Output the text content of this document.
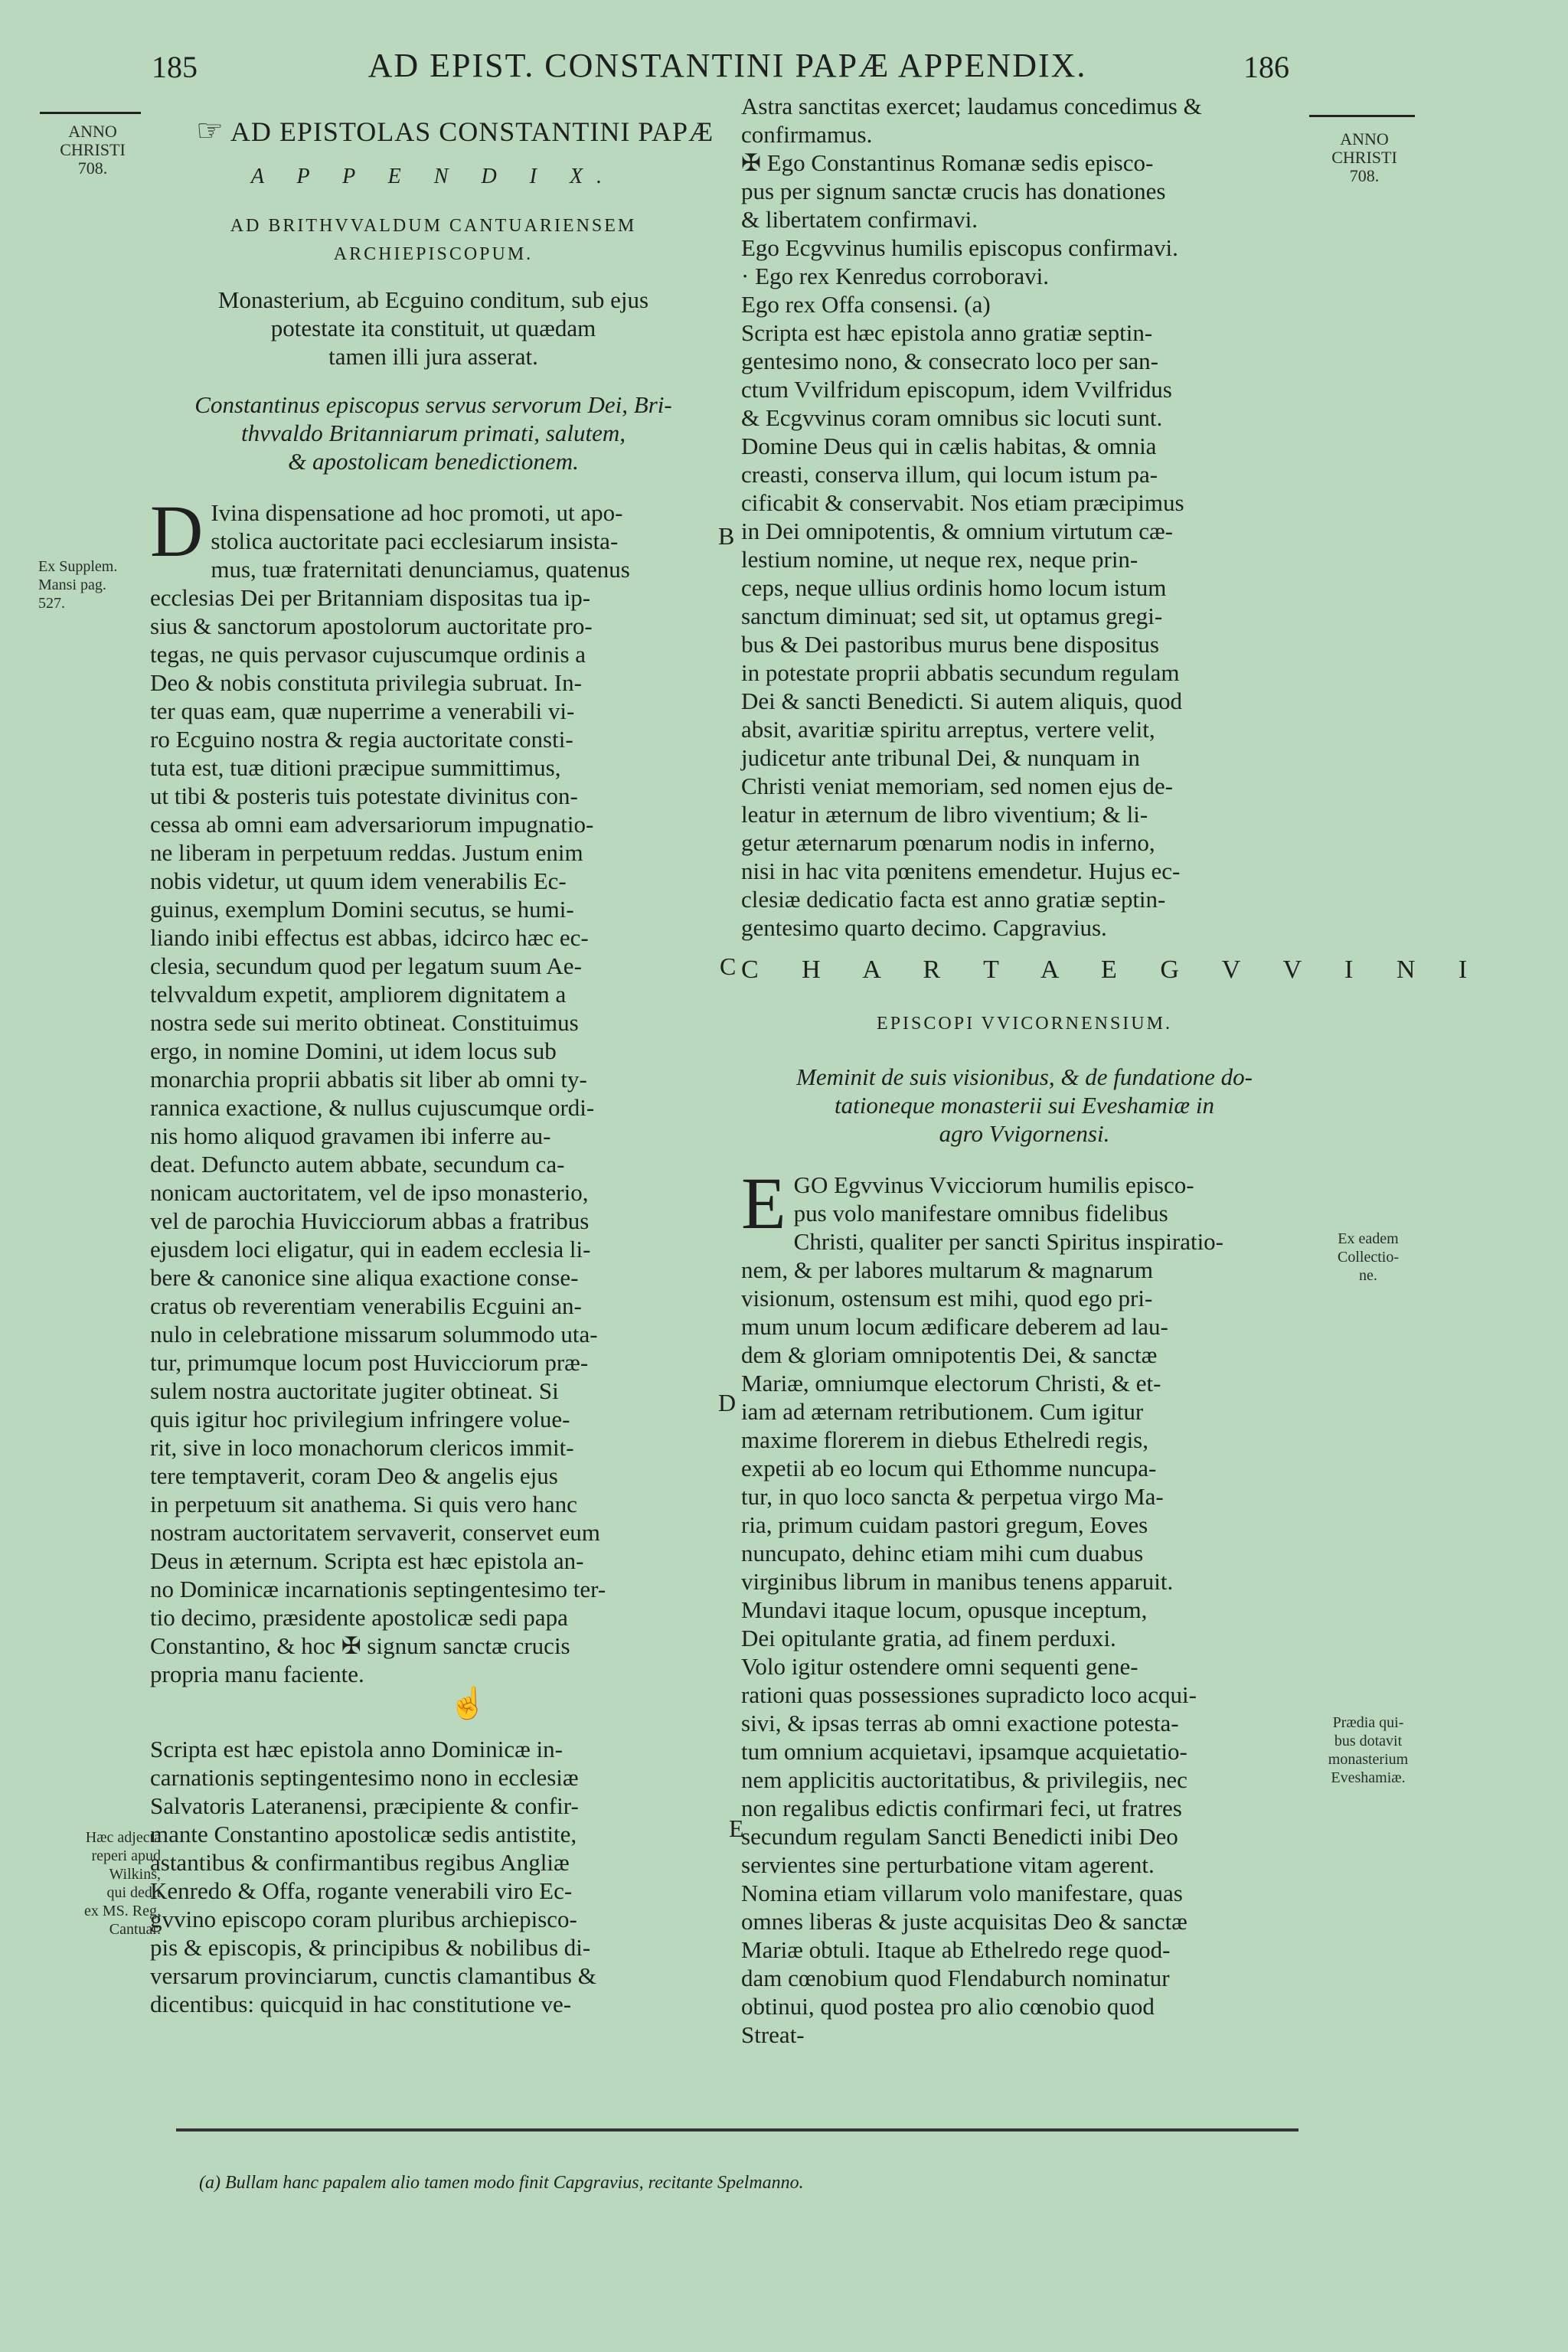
185	AD EPIST. CONSTANTINI PAPÆ APPENDIX.	186
ANNO
CHRISTI
708.
ANNO
CHRISTI
708.
Ex Supplem.
Mansi pag.
527.
Ex eadem
Collectio-
ne.
Prædia qui-
bus dotavit
monasterium
Eveshamiæ.
Hæc adjecta
reperi apud
Wilkins,
qui dedit
ex MS. Reg.
Cantuar.
B
C
D
E
☞ AD EPISTOLAS CONSTANTINI PAPÆ
A P P E N D I X.
AD BRITHVVALDUM CANTUARIENSEM
ARCHIEPISCOPUM.
Monasterium, ab Ecguino conditum, sub ejus
potestate ita constituit, ut quædam
tamen illi jura asserat.
Constantinus episcopus servus servorum Dei, Bri-
thvvaldo Britanniarum primati, salutem,
& apostolicam benedictionem.
D Ivina dispensatione ad hoc promoti, ut apo-
stolica auctoritate paci ecclesiarum insista-
mus, tuæ fraternitati denunciamus, quatenus
ecclesias Dei per Britanniam dispositas tua ip-
sius & sanctorum apostolorum auctoritate pro-
tegas, ne quis pervasor cujuscumque ordinis a
Deo & nobis constituta privilegia subruat. In-
ter quas eam, quæ nuperrime a venerabili vi-
ro Ecguino nostra & regia auctoritate consti-
tuta est, tuæ ditioni præcipue summittimus,
ut tibi & posteris tuis potestate divinitus con-
cessa ab omni eam adversariorum impugnatio-
ne liberam in perpetuum reddas. Justum enim
nobis videtur, ut quum idem venerabilis Ec-
guinus, exemplum Domini secutus, se humi-
liando inibi effectus est abbas, idcirco hæc ec-
clesia, secundum quod per legatum suum Ae-
telvvaldum expetit, ampliorem dignitatem a
nostra sede sui merito obtineat. Constituimus
ergo, in nomine Domini, ut idem locus sub
monarchia proprii abbatis sit liber ab omni ty-
rannica exactione, & nullus cujuscumque ordi-
nis homo aliquod gravamen ibi inferre au-
deat. Defuncto autem abbate, secundum ca-
nonicam auctoritatem, vel de ipso monasterio,
vel de parochia Huvicciorum abbas a fratribus
ejusdem loci eligatur, qui in eadem ecclesia li-
bere & canonice sine aliqua exactione conse-
cratus ob reverentiam venerabilis Ecguini an-
nulo in celebratione missarum solummodo uta-
tur, primumque locum post Huvicciorum præ-
sulem nostra auctoritate jugiter obtineat. Si
quis igitur hoc privilegium infringere volue-
rit, sive in loco monachorum clericos immit-
tere temptaverit, coram Deo & angelis ejus
in perpetuum sit anathema. Si quis vero hanc
nostram auctoritatem servaverit, conservet eum
Deus in æternum. Scripta est hæc epistola an-
no Dominicæ incarnationis septingentesimo ter-
tio decimo, præsidente apostolicæ sedi papa
Constantino, & hoc ✠ signum sanctæ crucis
propria manu faciente.
☝
Scripta est hæc epistola anno Dominicæ in-
carnationis septingentesimo nono in ecclesiæ
Salvatoris Lateranensi, præcipiente & confir-
mante Constantino apostolicæ sedis antistite,
astantibus & confirmantibus regibus Angliæ
Kenredo & Offa, rogante venerabili viro Ec-
gvvino episcopo coram pluribus archiepisco-
pis & episcopis, & principibus & nobilibus di-
versarum provinciarum, cunctis clamantibus &
dicentibus: quicquid in hac constitutione ve-
Astra sanctitas exercet; laudamus concedimus &
confirmamus.
✠ Ego Constantinus Romanæ sedis episco-
pus per signum sanctæ crucis has donationes
& libertatem confirmavi.
Ego Ecgvvinus humilis episcopus confirmavi.
· Ego rex Kenredus corroboravi.
Ego rex Offa consensi. (a)
Scripta est hæc epistola anno gratiæ septin-
gentesimo nono, & consecrato loco per san-
ctum Vvilfridum episcopum, idem Vvilfridus
& Ecgvvinus coram omnibus sic locuti sunt.
Domine Deus qui in cælis habitas, & omnia
creasti, conserva illum, qui locum istum pa-
cificabit & conservabit. Nos etiam præcipimus
in Dei omnipotentis, & omnium virtutum cæ-
lestium nomine, ut neque rex, neque prin-
ceps, neque ullius ordinis homo locum istum
sanctum diminuat; sed sit, ut optamus gregi-
bus & Dei pastoribus murus bene dispositus
in potestate proprii abbatis secundum regulam
Dei & sancti Benedicti. Si autem aliquis, quod
absit, avaritiæ spiritu arreptus, vertere velit,
judicetur ante tribunal Dei, & nunquam in
Christi veniat memoriam, sed nomen ejus de-
leatur in æternum de libro viventium; & li-
getur æternarum pœnarum nodis in inferno,
nisi in hac vita pœnitens emendetur. Hujus ec-
clesiæ dedicatio facta est anno gratiæ septin-
gentesimo quarto decimo. Capgravius.
C H A R T A E G V V I N I
EPISCOPI VVICORNENSIUM.
Meminit de suis visionibus, & de fundatione do-
tationeque monasterii sui Eveshamiæ in
agro Vvigornensi.
E GO Egvvinus Vvicciorum humilis episco-
pus volo manifestare omnibus fidelibus
Christi, qualiter per sancti Spiritus inspiratio-
nem, & per labores multarum & magnarum
visionum, ostensum est mihi, quod ego pri-
mum unum locum ædificare deberem ad lau-
dem & gloriam omnipotentis Dei, & sanctæ
Mariæ, omniumque electorum Christi, & et-
iam ad æternam retributionem. Cum igitur
maxime florerem in diebus Ethelredi regis,
expetii ab eo locum qui Ethomme nuncupa-
tur, in quo loco sancta & perpetua virgo Ma-
ria, primum cuidam pastori gregum, Eoves
nuncupato, dehinc etiam mihi cum duabus
virginibus librum in manibus tenens apparuit.
Mundavi itaque locum, opusque inceptum,
Dei opitulante gratia, ad finem perduxi.
Volo igitur ostendere omni sequenti gene-
rationi quas possessiones supradicto loco acqui-
sivi, & ipsas terras ab omni exactione potesta-
tum omnium acquietavi, ipsamque acquietatio-
nem applicitis auctoritatibus, & privilegiis, nec
non regalibus edictis confirmari feci, ut fratres
secundum regulam Sancti Benedicti inibi Deo
servientes sine perturbatione vitam agerent.
Nomina etiam villarum volo manifestare, quas
omnes liberas & juste acquisitas Deo & sanctæ
Mariæ obtuli. Itaque ab Ethelredo rege quod-
dam cœnobium quod Flendaburch nominatur
obtinui, quod postea pro alio cœnobio quod
Streat-
(a) Bullam hanc papalem alio tamen modo finit Capgravius, recitante Spelmanno.
